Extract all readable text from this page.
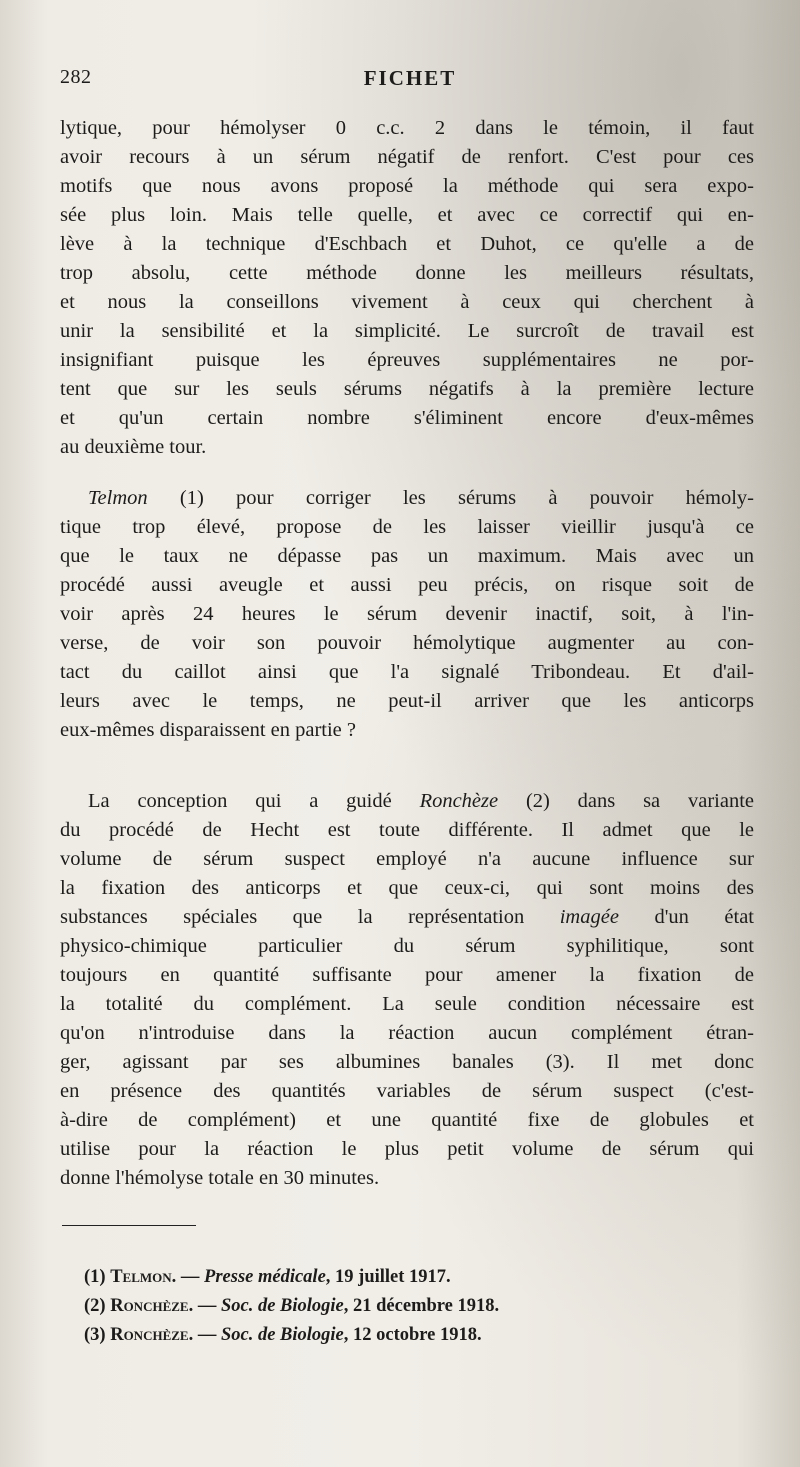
282	FICHET
lytique, pour hémolyser 0 c.c. 2 dans le témoin, il faut
avoir recours à un sérum négatif de renfort. C'est pour ces
motifs que nous avons proposé la méthode qui sera expo-
sée plus loin. Mais telle quelle, et avec ce correctif qui en-
lève à la technique d'Eschbach et Duhot, ce qu'elle a de
trop absolu, cette méthode donne les meilleurs résultats,
et nous la conseillons vivement à ceux qui cherchent à
unir la sensibilité et la simplicité. Le surcroît de travail est
insignifiant puisque les épreuves supplémentaires ne por-
tent que sur les seuls sérums négatifs à la première lecture
et qu'un certain nombre s'éliminent encore d'eux-mêmes
au deuxième tour.
Telmon (1) pour corriger les sérums à pouvoir hémoly-
tique trop élevé, propose de les laisser vieillir jusqu'à ce
que le taux ne dépasse pas un maximum. Mais avec un
procédé aussi aveugle et aussi peu précis, on risque soit de
voir après 24 heures le sérum devenir inactif, soit, à l'in-
verse, de voir son pouvoir hémolytique augmenter au con-
tact du caillot ainsi que l'a signalé Tribondeau. Et d'ail-
leurs avec le temps, ne peut-il arriver que les anticorps
eux-mêmes disparaissent en partie ?
La conception qui a guidé Ronchèze (2) dans sa variante
du procédé de Hecht est toute différente. Il admet que le
volume de sérum suspect employé n'a aucune influence sur
la fixation des anticorps et que ceux-ci, qui sont moins des
substances spéciales que la représentation imagée d'un état
physico-chimique particulier du sérum syphilitique, sont
toujours en quantité suffisante pour amener la fixation de
la totalité du complément. La seule condition nécessaire est
qu'on n'introduise dans la réaction aucun complément étran-
ger, agissant par ses albumines banales (3). Il met donc
en présence des quantités variables de sérum suspect (c'est-
à-dire de complément) et une quantité fixe de globules et
utilise pour la réaction le plus petit volume de sérum qui
donne l'hémolyse totale en 30 minutes.
(1) Telmon. — Presse médicale, 19 juillet 1917.
(2) Ronchèze. — Soc. de Biologie, 21 décembre 1918.
(3) Ronchèze. — Soc. de Biologie, 12 octobre 1918.
